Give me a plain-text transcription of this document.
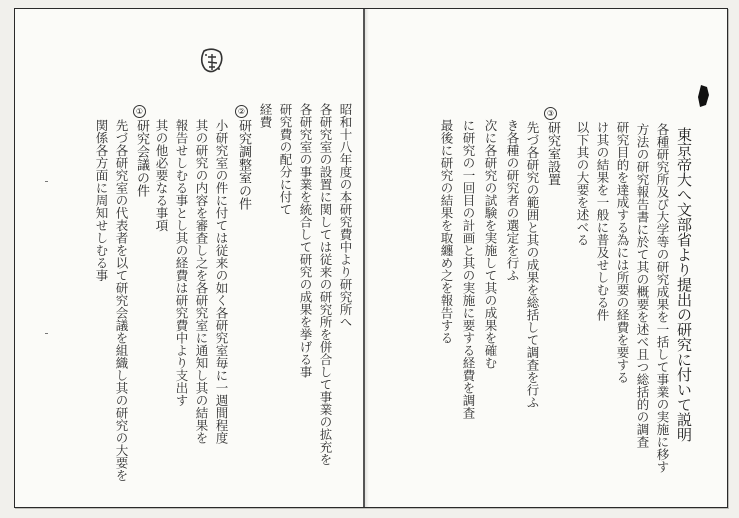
東京帝大へ文部省より提出の研究に付いて説明
各種研究所及び大学等の研究成果を一括して事業の実施に移す
方法の研究報告書に於て其の概要を述べ且つ総括的の調査
研究目的を達成する為には所要の経費を要する
け其の結果を一般に普及せしむる件
以下其の大要を述べる
③
研究室設置
先づ各研究の範囲と其の成果を総括して調査を行ふ
き各種の研究者の選定を行ふ
次に各研究の試験を実施して其の成果を確む
に研究の一回目の計画と其の実施に要する経費を調査
最後に研究の結果を取纏め之を報告する
昭和十八年度の本研究費中より研究所へ
各研究室の設置に関しては従来の研究所を併合して事業の拡充を
各研究室の事業を統合して研究の成果を挙げる事
研究費の配分に付て
経費
②
研究調整室の件
小研究室の件に付ては従来の如く各研究室毎に一週間程度
其の研究の内容を審査し之を各研究室に通知し其の結果を
報告せしむる事とし其の経費は研究費中より支出す
其の他必要なる事項
①
研究会議の件
先づ各研究室の代表者を以て研究会議を組織し其の研究の大要を
関係各方面に周知せしむる事
